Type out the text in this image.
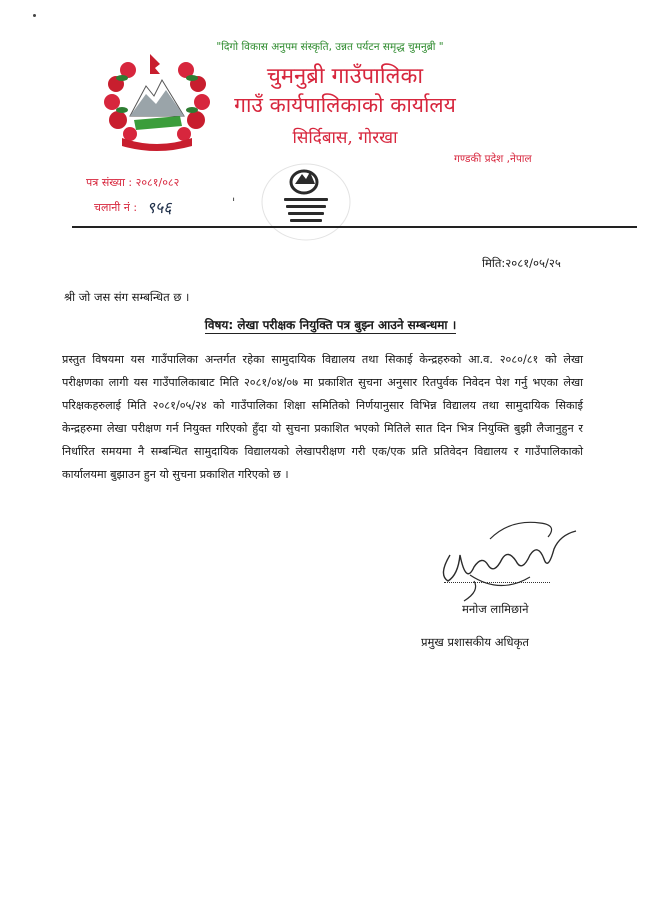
"दिगो विकास अनुपम संस्कृति, उन्नत पर्यटन समृद्ध चुमनुब्री "
चुमनुब्री गाउँपालिका
गाउँ कार्यपालिकाको कार्यालय
सिर्दिबास, गोरखा
गण्डकी प्रदेश ,नेपाल
पत्र संख्या : २०८१/०८२
चलानी नं : ९५६	ˈ
मिति:२०८१/०५/२५
श्री जो जस संग सम्बन्धित छ ।
विषय: लेखा परीक्षक नियुक्ति पत्र बुझ्न आउने सम्बन्धमा ।
प्रस्तुत विषयमा यस गाउँपालिका अन्तर्गत रहेका सामुदायिक विद्यालय तथा सिकाई केन्द्रहरुको आ.व. २०८०/८१ को लेखा परीक्षणका लागी यस गाउँपालिकाबाट मिति २०८१/०४/०७ मा प्रकाशित सुचना अनुसार रितपुर्वक निवेदन पेश गर्नु भएका लेखा परिक्षकहरुलाई मिति २०८१/०५/२४ को गाउँपालिका शिक्षा समितिको निर्णयानुसार विभिन्न विद्यालय तथा सामुदायिक सिकाई केन्द्रहरुमा लेखा परीक्षण गर्न नियुक्त गरिएको हुँदा यो सुचना प्रकाशित भएको मितिले सात दिन भित्र नियुक्ति बुझी लैजानुहुन र निर्धारित समयमा नै सम्बन्धित सामुदायिक विद्यालयको लेखापरीक्षण गरी एक/एक प्रति प्रतिवेदन विद्यालय र गाउँपालिकाको कार्यालयमा बुझाउन हुन यो सुचना प्रकाशित गरिएको छ ।
मनोज लामिछाने
प्रमुख प्रशासकीय अधिकृत
